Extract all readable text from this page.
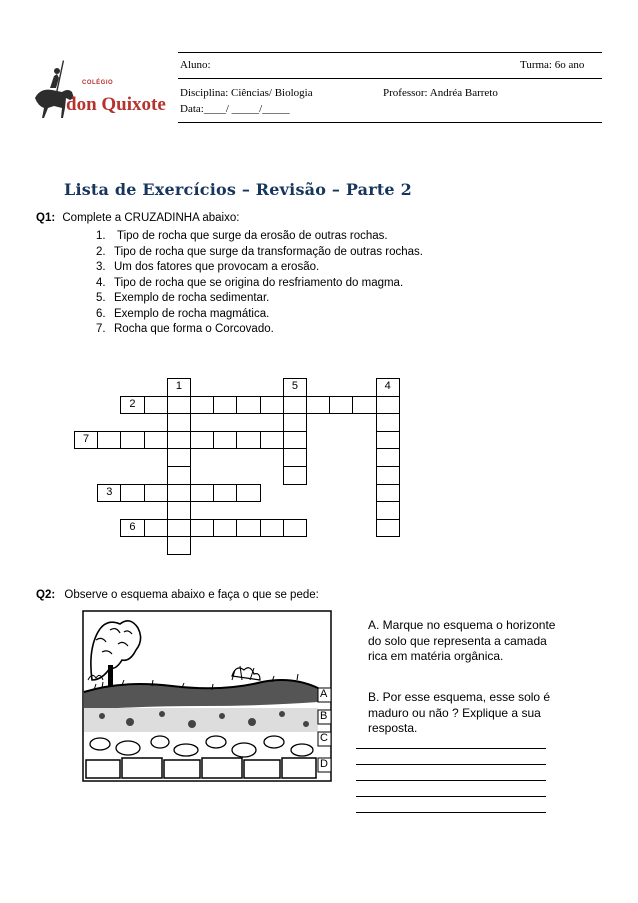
COLÉGIO
don Quixote
Aluno:	Turma: 6o ano
Disciplina: Ciências/ Biologia	Professor: Andréa Barreto
Data:____/ _____/_____
Lista de Exercícios – Revisão – Parte 2
Q1: Complete a CRUZADINHA abaixo:
1. Tipo de rocha que surge da erosão de outras rochas.
2. Tipo de rocha que surge da transformação de outras rochas.
3. Um dos fatores que provocam a erosão.
4. Tipo de rocha que se origina do resfriamento do magma.
5. Exemplo de rocha sedimentar.
6. Exemplo de rocha magmática.
7. Rocha que forma o Corcovado.
1	5	4
2
7
3
6
Q2: Observe o esquema abaixo e faça o que se pede:
A
B
C
D
A. Marque no esquema o horizonte do solo que representa a camada rica em matéria orgânica.
B. Por esse esquema, esse solo é maduro ou não ? Explique a sua resposta.
